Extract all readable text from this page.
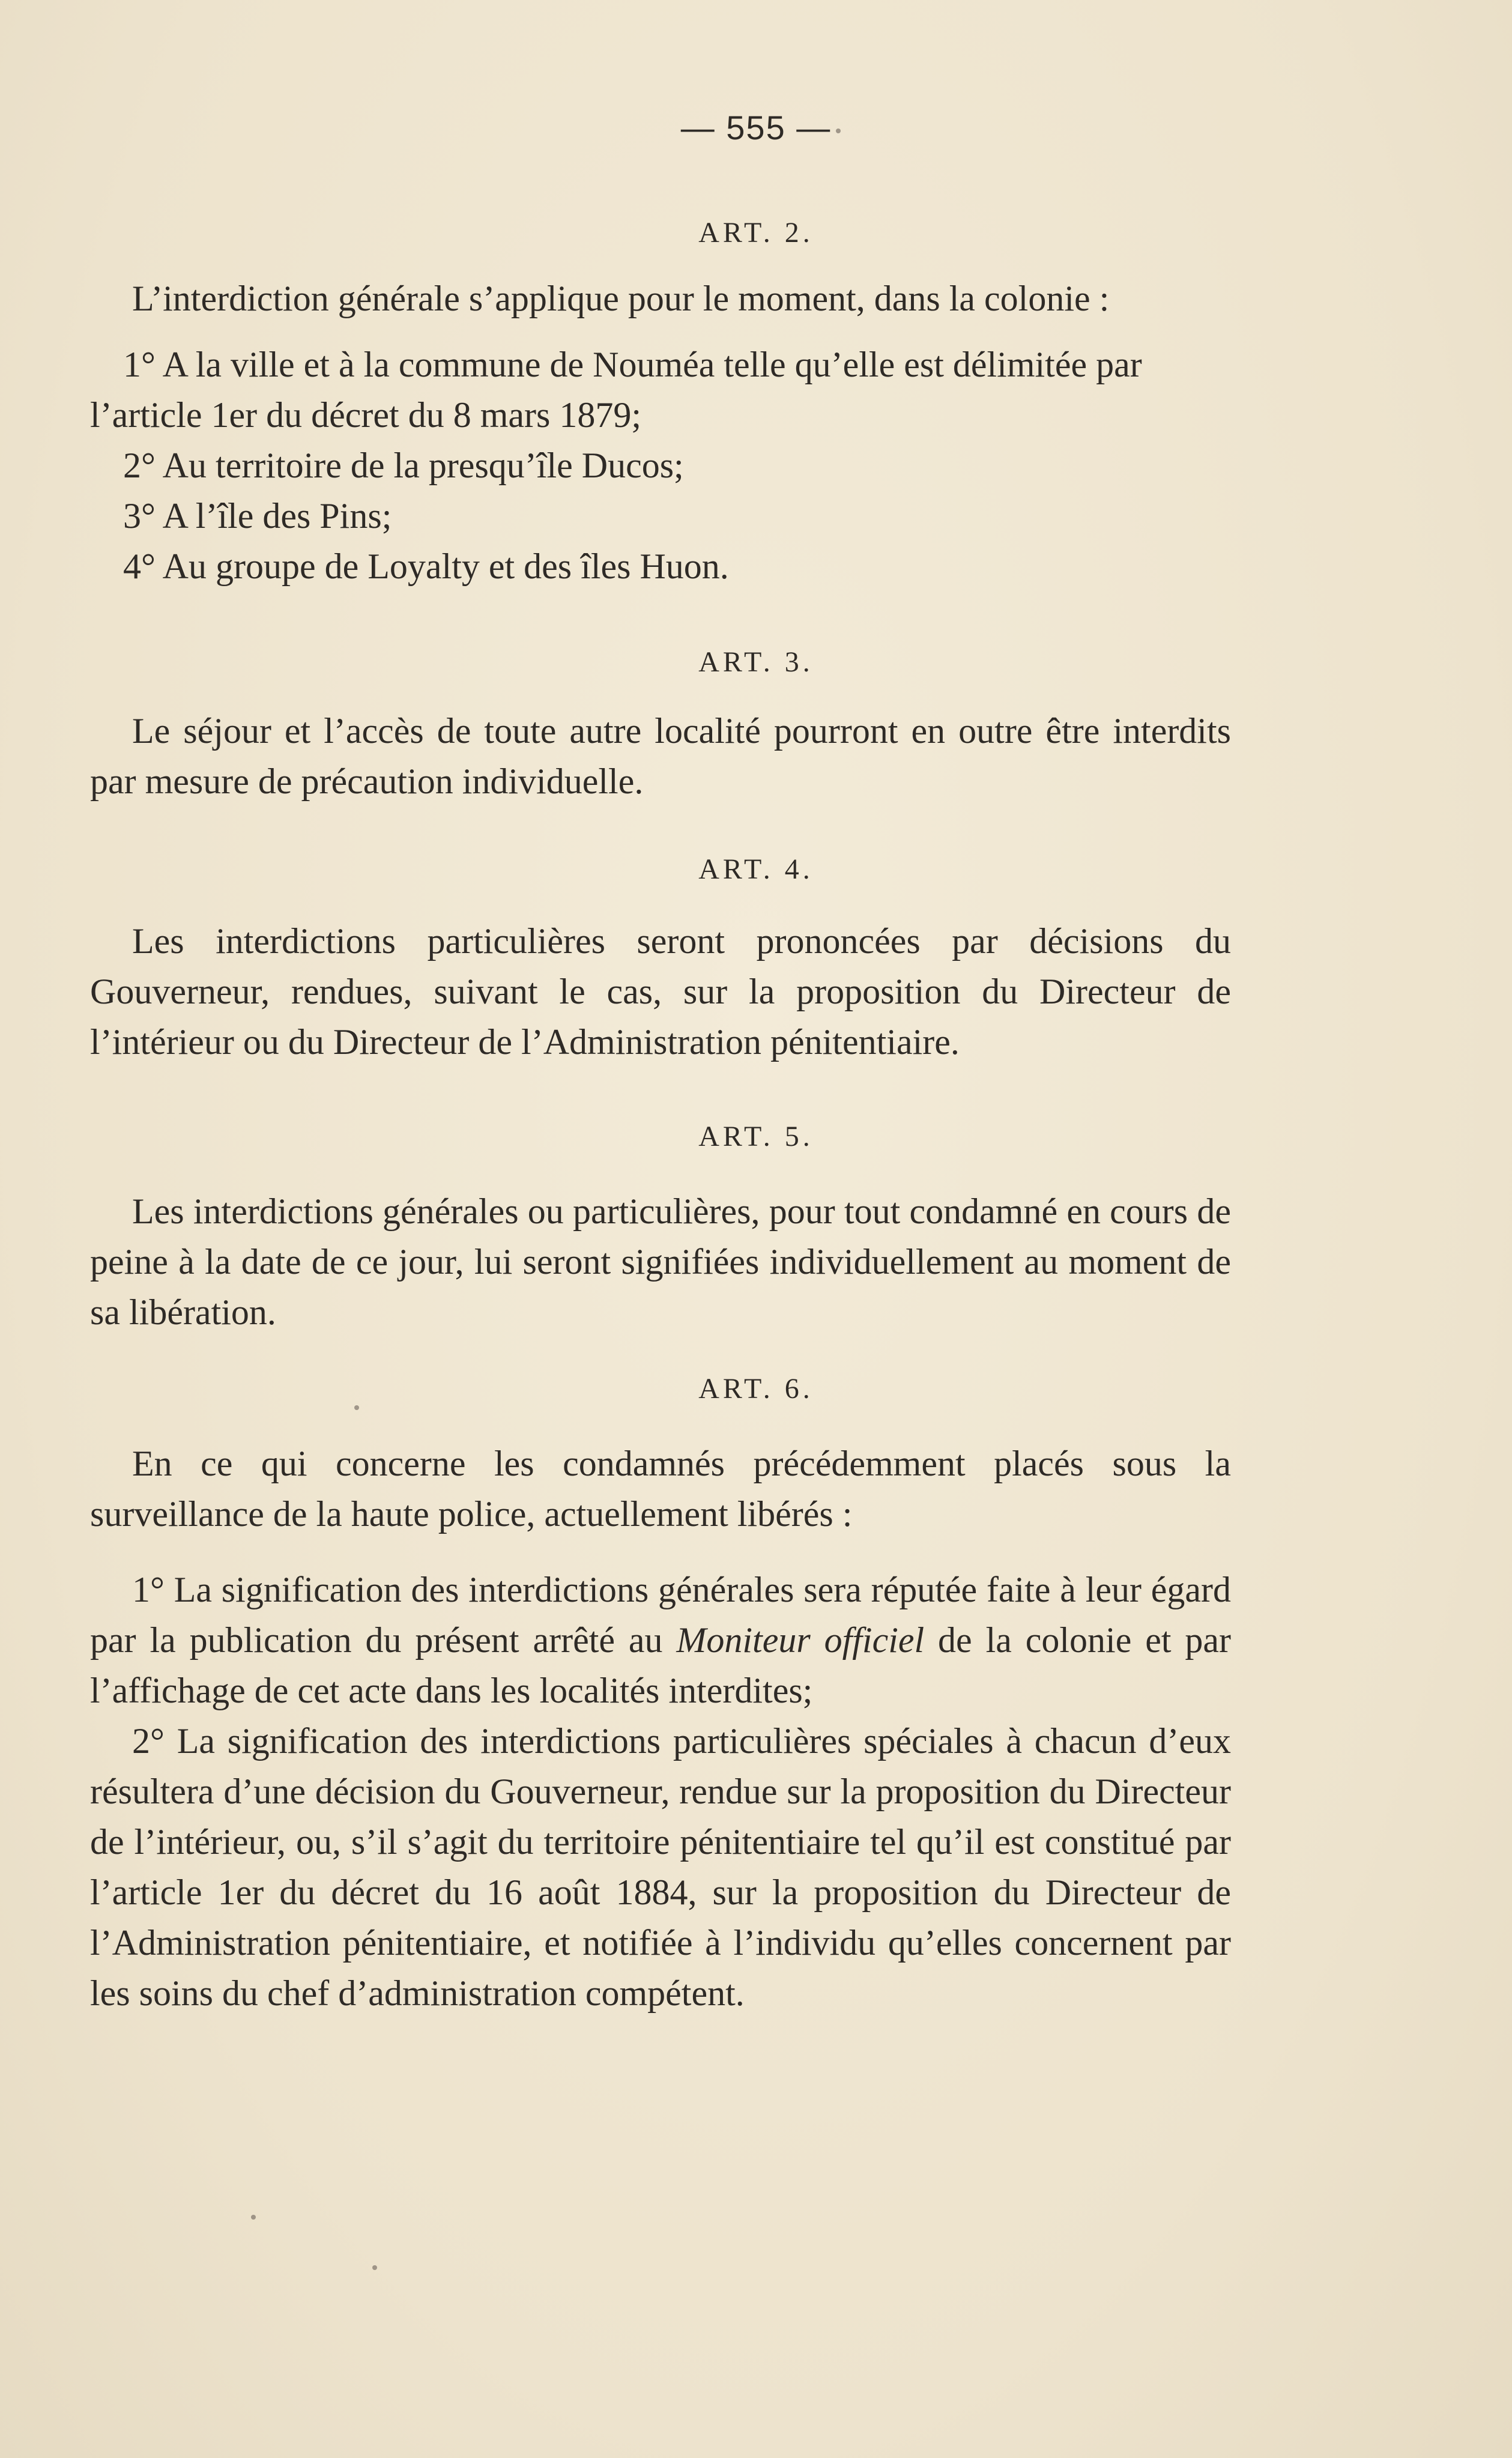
— 555 —
ART. 2.
L’interdiction générale s’applique pour le moment, dans la colonie :
1° A la ville et à la commune de Nouméa telle qu’elle est délimitée par
l’article 1er du décret du 8 mars 1879;
2° Au territoire de la presqu’île Ducos;
3° A l’île des Pins;
4° Au groupe de Loyalty et des îles Huon.
ART. 3.
Le séjour et l’accès de toute autre localité pourront en outre être interdits par mesure de précaution individuelle.
ART. 4.
Les interdictions particulières seront prononcées par décisions du Gouverneur, rendues, suivant le cas, sur la proposition du Directeur de l’intérieur ou du Directeur de l’Administration pénitentiaire.
ART. 5.
Les interdictions générales ou particulières, pour tout condamné en cours de peine à la date de ce jour, lui seront signifiées individuellement au moment de sa libération.
ART. 6.
En ce qui concerne les condamnés précédemment placés sous la surveillance de la haute police, actuellement libérés :
1° La signification des interdictions générales sera réputée faite à leur égard par la publication du présent arrêté au Moniteur officiel de la colonie et par l’affichage de cet acte dans les localités interdites;
2° La signification des interdictions particulières spéciales à chacun d’eux résultera d’une décision du Gouverneur, rendue sur la proposition du Directeur de l’intérieur, ou, s’il s’agit du territoire pénitentiaire tel qu’il est constitué par l’article 1er du décret du 16 août 1884, sur la proposition du Directeur de l’Administration pénitentiaire, et notifiée à l’individu qu’elles concernent par les soins du chef d’administration compétent.
